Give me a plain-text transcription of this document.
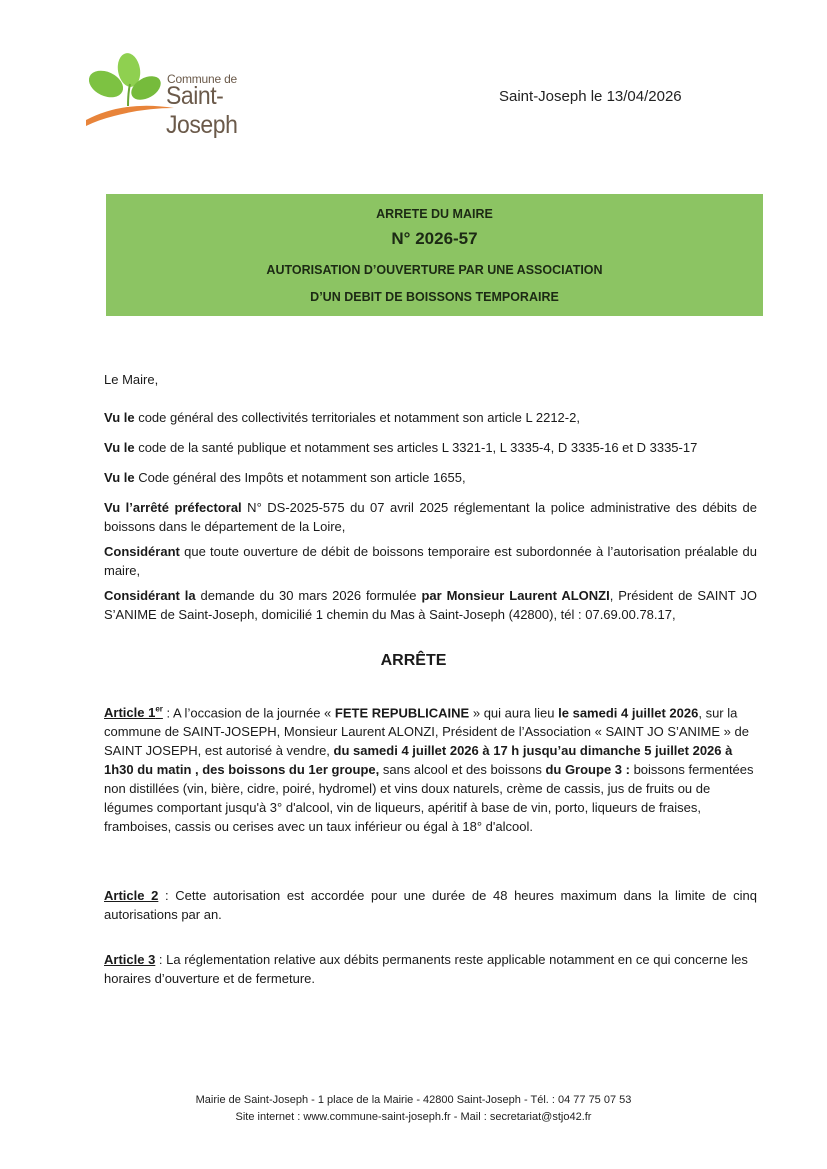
Commune de
Saint-Joseph
Saint-Joseph le 13/04/2026
ARRETE DU MAIRE
N° 2026-57
AUTORISATION D’OUVERTURE PAR UNE ASSOCIATION
D’UN DEBIT DE BOISSONS TEMPORAIRE
Le Maire,
Vu le code général des collectivités territoriales et notamment son article L 2212-2,
Vu le code de la santé publique et notamment ses articles L 3321-1, L 3335-4, D 3335-16 et D 3335-17
Vu le Code général des Impôts et notamment son article 1655,
Vu l’arrêté préfectoral N° DS-2025-575 du 07 avril 2025 réglementant la police administrative des débits de boissons dans le département de la Loire,
Considérant que toute ouverture de débit de boissons temporaire est subordonnée à l’autorisation préalable du maire,
Considérant la demande du 30 mars 2026 formulée par Monsieur Laurent ALONZI, Président de SAINT JO S’ANIME de Saint-Joseph, domicilié 1 chemin du Mas à Saint-Joseph (42800), tél : 07.69.00.78.17,
ARRÊTE
Article 1er : A l’occasion de la journée « FETE REPUBLICAINE » qui aura lieu le samedi 4 juillet 2026, sur la commune de SAINT-JOSEPH, Monsieur Laurent ALONZI, Président de l’Association « SAINT JO S’ANIME » de SAINT JOSEPH, est autorisé à vendre, du samedi 4 juillet 2026 à 17 h jusqu’au dimanche 5 juillet 2026 à 1h30 du matin , des boissons du 1er groupe, sans alcool et des boissons du Groupe 3 : boissons fermentées non distillées (vin, bière, cidre, poiré, hydromel) et vins doux naturels, crème de cassis, jus de fruits ou de légumes comportant jusqu'à 3° d'alcool, vin de liqueurs, apéritif à base de vin, porto, liqueurs de fraises, framboises, cassis ou cerises avec un taux inférieur ou égal à 18° d'alcool.
Article 2 : Cette autorisation est accordée pour une durée de 48 heures maximum dans la limite de cinq autorisations par an.
Article 3 : La réglementation relative aux débits permanents reste applicable notamment en ce qui concerne les horaires d’ouverture et de fermeture.
Mairie de Saint-Joseph - 1 place de la Mairie - 42800 Saint-Joseph - Tél. : 04 77 75 07 53
Site internet : www.commune-saint-joseph.fr - Mail : secretariat@stjo42.fr
